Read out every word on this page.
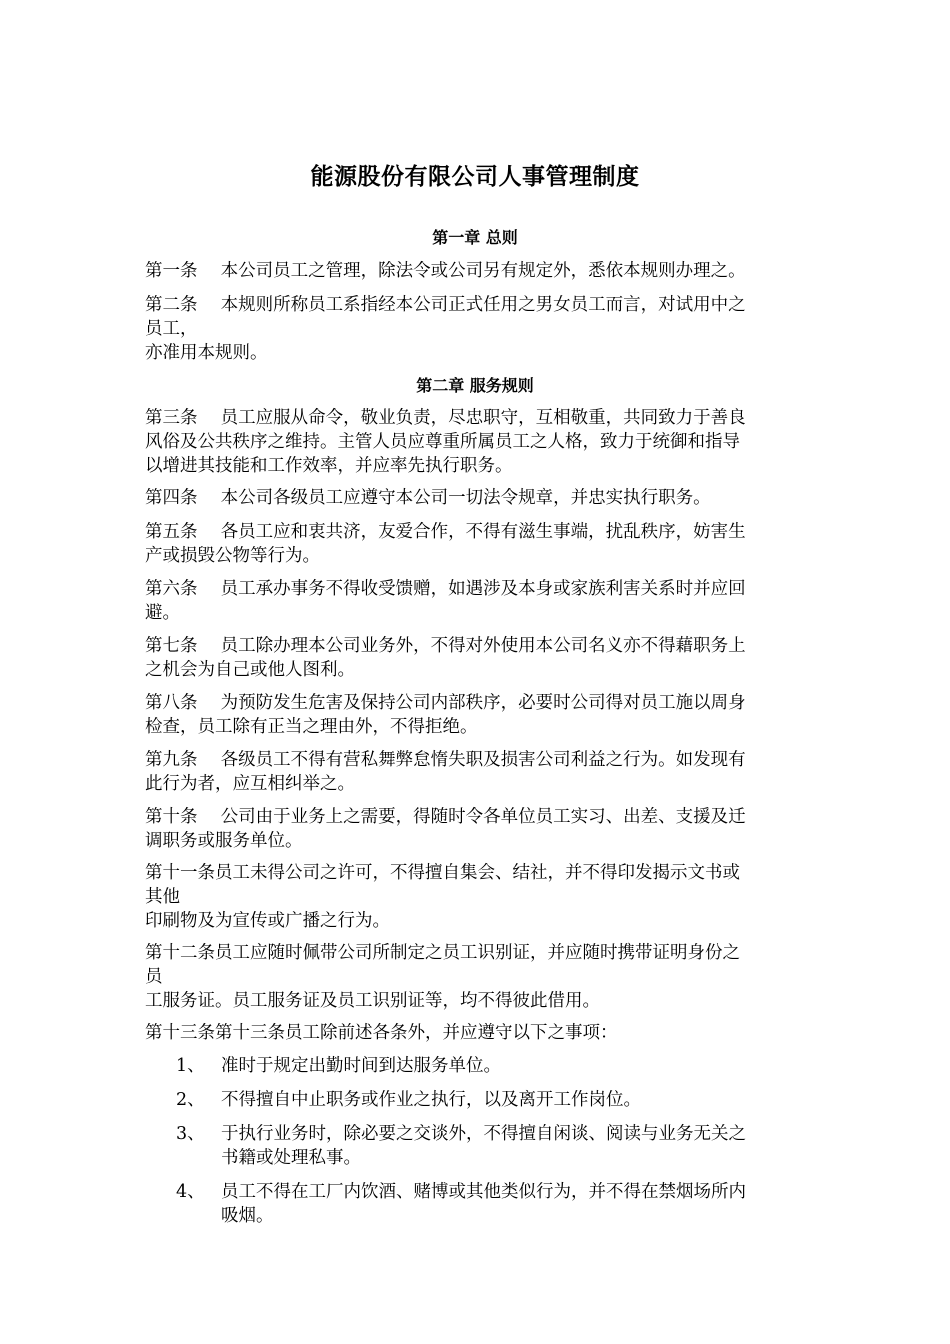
能源股份有限公司人事管理制度
第一章 总则
第一条  本公司员工之管理，除法令或公司另有规定外，悉依本规则办理之。
第二条  本规则所称员工系指经本公司正式任用之男女员工而言，对试用中之
员工，
亦准用本规则。
第二章 服务规则
第三条  员工应服从命令，敬业负责，尽忠职守，互相敬重，共同致力于善良
风俗及公共秩序之维持。主管人员应尊重所属员工之人格，致力于统御和指导
以增进其技能和工作效率，并应率先执行职务。
第四条  本公司各级员工应遵守本公司一切法令规章，并忠实执行职务。
第五条  各员工应和衷共济，友爱合作，不得有滋生事端，扰乱秩序，妨害生
产或损毁公物等行为。
第六条  员工承办事务不得收受馈赠，如遇涉及本身或家族利害关系时并应回
避。
第七条  员工除办理本公司业务外，不得对外使用本公司名义亦不得藉职务上
之机会为自己或他人图利。
第八条  为预防发生危害及保持公司内部秩序，必要时公司得对员工施以周身
检查，员工除有正当之理由外，不得拒绝。
第九条  各级员工不得有营私舞弊怠惰失职及损害公司利益之行为。如发现有
此行为者，应互相纠举之。
第十条  公司由于业务上之需要，得随时令各单位员工实习、出差、支援及迁
调职务或服务单位。
第十一条员工未得公司之许可，不得擅自集会、结社，并不得印发揭示文书或
其他
印刷物及为宣传或广播之行为。
第十二条员工应随时佩带公司所制定之员工识别证，并应随时携带证明身份之
员
工服务证。员工服务证及员工识别证等，均不得彼此借用。
第十三条第十三条员工除前述各条外，并应遵守以下之事项：
1、 准时于规定出勤时间到达服务单位。
2、 不得擅自中止职务或作业之执行，以及离开工作岗位。
3、 于执行业务时，除必要之交谈外，不得擅自闲谈、阅读与业务无关之
书籍或处理私事。
4、 员工不得在工厂内饮酒、赌博或其他类似行为，并不得在禁烟场所内
吸烟。
